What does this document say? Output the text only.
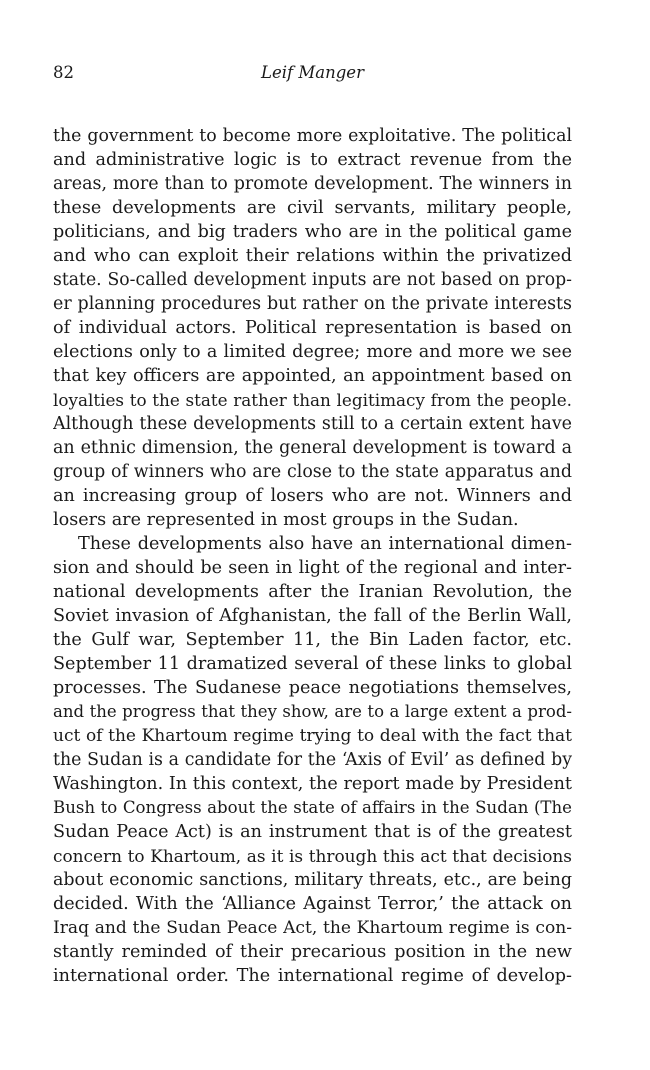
82	Leif Manger
the government to become more exploitative. The political
and administrative logic is to extract revenue from the
areas, more than to promote development. The winners in
these developments are civil servants, military people,
politicians, and big traders who are in the political game
and who can exploit their relations within the privatized
state. So-called development inputs are not based on prop-
er planning procedures but rather on the private interests
of individual actors. Political representation is based on
elections only to a limited degree; more and more we see
that key officers are appointed, an appointment based on
loyalties to the state rather than legitimacy from the people.
Although these developments still to a certain extent have
an ethnic dimension, the general development is toward a
group of winners who are close to the state apparatus and
an increasing group of losers who are not. Winners and
losers are represented in most groups in the Sudan.
These developments also have an international dimen-
sion and should be seen in light of the regional and inter-
national developments after the Iranian Revolution, the
Soviet invasion of Afghanistan, the fall of the Berlin Wall,
the Gulf war, September 11, the Bin Laden factor, etc.
September 11 dramatized several of these links to global
processes. The Sudanese peace negotiations themselves,
and the progress that they show, are to a large extent a prod-
uct of the Khartoum regime trying to deal with the fact that
the Sudan is a candidate for the ‘Axis of Evil’ as defined by
Washington. In this context, the report made by President
Bush to Congress about the state of affairs in the Sudan (The
Sudan Peace Act) is an instrument that is of the greatest
concern to Khartoum, as it is through this act that decisions
about economic sanctions, military threats, etc., are being
decided. With the ‘Alliance Against Terror,’ the attack on
Iraq and the Sudan Peace Act, the Khartoum regime is con-
stantly reminded of their precarious position in the new
international order. The international regime of develop-
